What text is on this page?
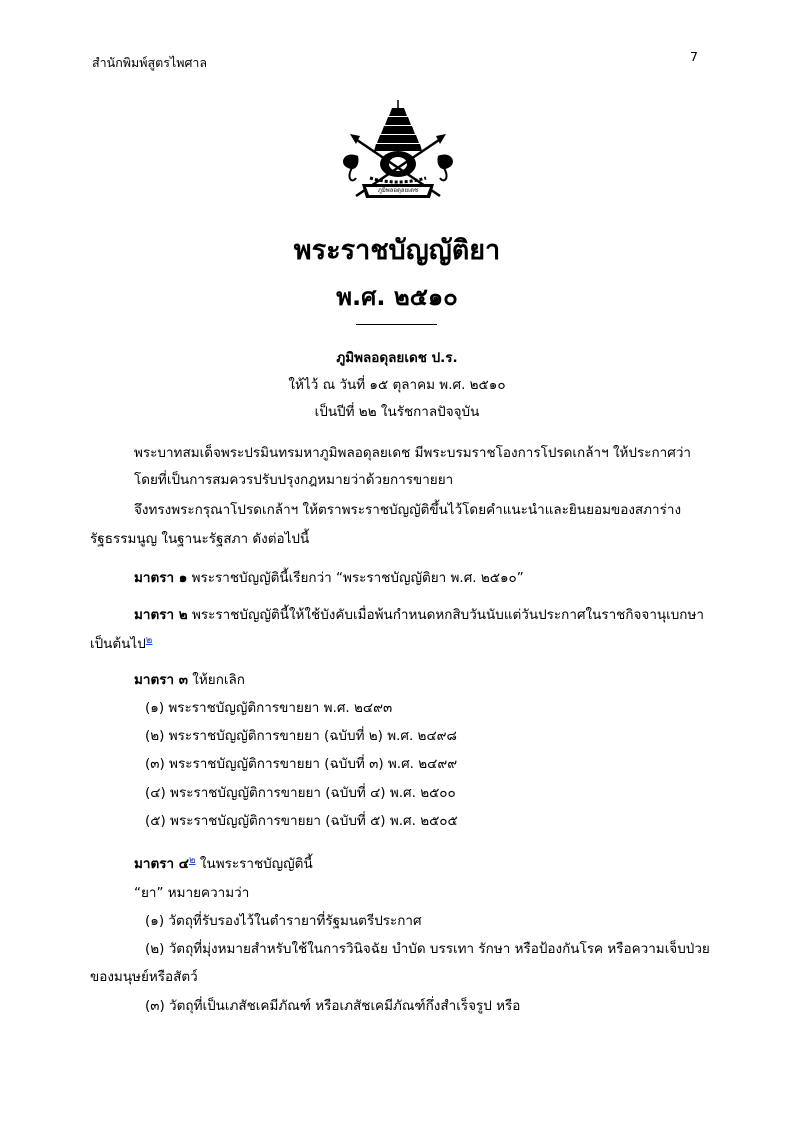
สำนักพิมพ์สูตรไพศาล	7
ภูมิพลอดุลยเดช
พระราชบัญญัติยา
พ.ศ. ๒๕๑๐
ภูมิพลอดุลยเดช ป.ร.
ให้ไว้ ณ วันที่ ๑๕ ตุลาคม พ.ศ. ๒๕๑๐
เป็นปีที่ ๒๒ ในรัชกาลปัจจุบัน
พระบาทสมเด็จพระปรมินทรมหาภูมิพลอดุลยเดช มีพระบรมราชโองการโปรดเกล้าฯ ให้ประกาศว่า
โดยที่เป็นการสมควรปรับปรุงกฎหมายว่าด้วยการขายยา
จึงทรงพระกรุณาโปรดเกล้าฯ ให้ตราพระราชบัญญัติขึ้นไว้โดยคำแนะนำและยินยอมของสภาร่าง
รัฐธรรมนูญ ในฐานะรัฐสภา ดังต่อไปนี้
มาตรา ๑ พระราชบัญญัตินี้เรียกว่า “พระราชบัญญัติยา พ.ศ. ๒๕๑๐”
มาตรา ๒ พระราชบัญญัตินี้ให้ใช้บังคับเมื่อพ้นกำหนดหกสิบวันนับแต่วันประกาศในราชกิจจานุเบกษา
เป็นต้นไป$^๒$
มาตรา ๓ ให้ยกเลิก
(๑) พระราชบัญญัติการขายยา พ.ศ. ๒๔๙๓
(๒) พระราชบัญญัติการขายยา (ฉบับที่ ๒) พ.ศ. ๒๔๙๘
(๓) พระราชบัญญัติการขายยา (ฉบับที่ ๓) พ.ศ. ๒๔๙๙
(๔) พระราชบัญญัติการขายยา (ฉบับที่ ๔) พ.ศ. ๒๕๐๐
(๕) พระราชบัญญัติการขายยา (ฉบับที่ ๕) พ.ศ. ๒๕๐๕
มาตรา ๔$^๒$ ในพระราชบัญญัตินี้
“ยา” หมายความว่า
(๑) วัตถุที่รับรองไว้ในตำรายาที่รัฐมนตรีประกาศ
(๒) วัตถุที่มุ่งหมายสำหรับใช้ในการวินิจฉัย บำบัด บรรเทา รักษา หรือป้องกันโรค หรือความเจ็บป่วย
ของมนุษย์หรือสัตว์
(๓) วัตถุที่เป็นเภสัชเคมีภัณฑ์ หรือเภสัชเคมีภัณฑ์กึ่งสำเร็จรูป หรือ
